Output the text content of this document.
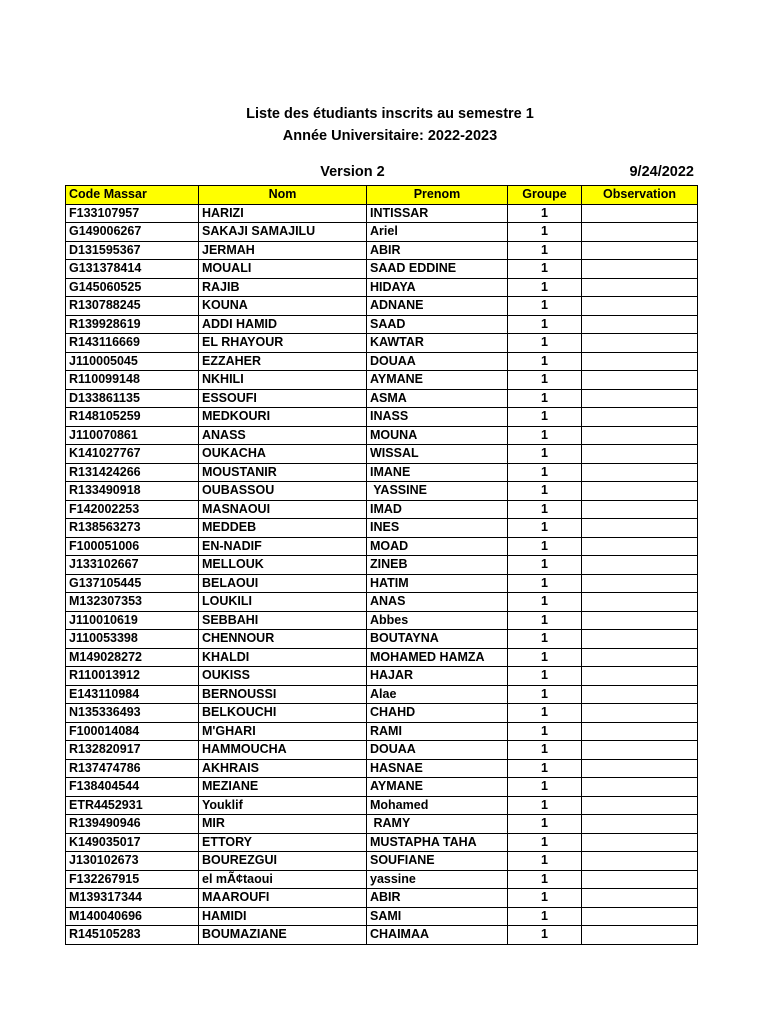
Liste des étudiants inscrits au semestre 1
Année Universitaire: 2022-2023
Version 2	9/24/2022
Code Massar	Nom	Prenom	Groupe	Observation
F133107957	HARIZI	INTISSAR	1	
G149006267	SAKAJI SAMAJILU	Ariel	1	
D131595367	JERMAH	ABIR	1	
G131378414	MOUALI	SAAD EDDINE	1	
G145060525	RAJIB	HIDAYA	1	
R130788245	KOUNA	ADNANE	1	
R139928619	ADDI HAMID	SAAD	1	
R143116669	EL RHAYOUR	KAWTAR	1	
J110005045	EZZAHER	DOUAA	1	
R110099148	NKHILI	AYMANE	1	
D133861135	ESSOUFI	ASMA	1	
R148105259	MEDKOURI	INASS	1	
J110070861	ANASS	MOUNA	1	
K141027767	OUKACHA	WISSAL	1	
R131424266	MOUSTANIR	IMANE	1	
R133490918	OUBASSOU	YASSINE	1	
F142002253	MASNAOUI	IMAD	1	
R138563273	MEDDEB	INES	1	
F100051006	EN-NADIF	MOAD	1	
J133102667	MELLOUK	ZINEB	1	
G137105445	BELAOUI	HATIM	1	
M132307353	LOUKILI	ANAS	1	
J110010619	SEBBAHI	Abbes	1	
J110053398	CHENNOUR	BOUTAYNA	1	
M149028272	KHALDI	MOHAMED HAMZA	1	
R110013912	OUKISS	HAJAR	1	
E143110984	BERNOUSSI	Alae	1	
N135336493	BELKOUCHI	CHAHD	1	
F100014084	M'GHARI	RAMI	1	
R132820917	HAMMOUCHA	DOUAA	1	
R137474786	AKHRAIS	HASNAE	1	
F138404544	MEZIANE	AYMANE	1	
ETR4452931	Youklif	Mohamed	1	
R139490946	MIR	RAMY	1	
K149035017	ETTORY	MUSTAPHA TAHA	1	
J130102673	BOUREZGUI	SOUFIANE	1	
F132267915	el mÃ¢taoui	yassine	1	
M139317344	MAAROUFI	ABIR	1	
M140040696	HAMIDI	SAMI	1	
R145105283	BOUMAZIANE	CHAIMAA	1	
